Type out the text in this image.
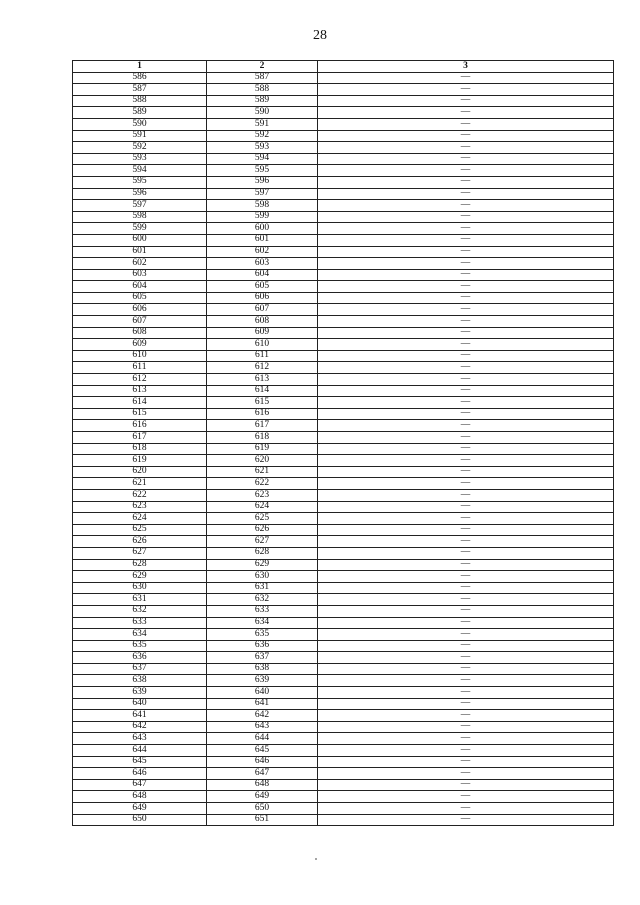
28
1	2	3
586	587	—
587	588	—
588	589	—
589	590	—
590	591	—
591	592	—
592	593	—
593	594	—
594	595	—
595	596	—
596	597	—
597	598	—
598	599	—
599	600	—
600	601	—
601	602	—
602	603	—
603	604	—
604	605	—
605	606	—
606	607	—
607	608	—
608	609	—
609	610	—
610	611	—
611	612	—
612	613	—
613	614	—
614	615	—
615	616	—
616	617	—
617	618	—
618	619	—
619	620	—
620	621	—
621	622	—
622	623	—
623	624	—
624	625	—
625	626	—
626	627	—
627	628	—
628	629	—
629	630	—
630	631	—
631	632	—
632	633	—
633	634	—
634	635	—
635	636	—
636	637	—
637	638	—
638	639	—
639	640	—
640	641	—
641	642	—
642	643	—
643	644	—
644	645	—
645	646	—
646	647	—
647	648	—
648	649	—
649	650	—
650	651	—
